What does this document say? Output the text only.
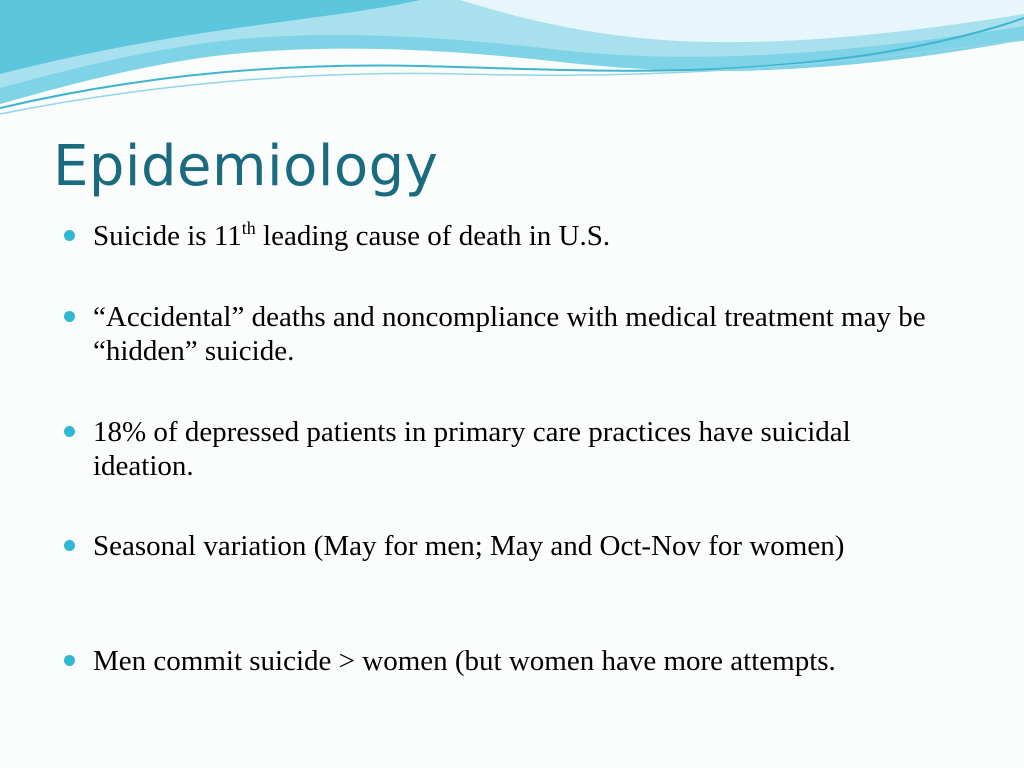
Epidemiology
Suicide is 11th leading cause of death in U.S.
“Accidental” deaths and noncompliance with medical treatment may be “hidden” suicide.
18% of depressed patients in primary care practices have suicidal ideation.
Seasonal variation (May for men; May and Oct-Nov for women)
Men commit suicide > women (but women have more attempts.
